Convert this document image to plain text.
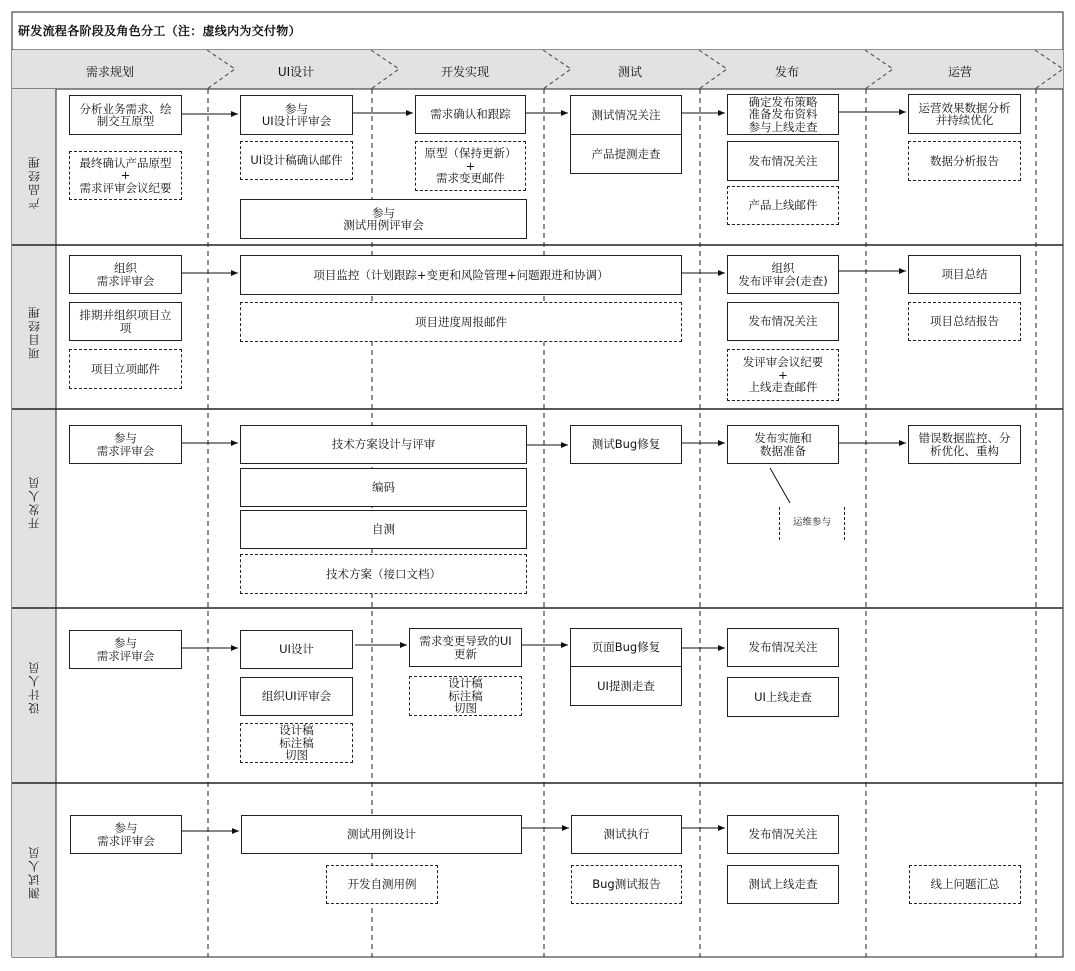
研发流程各阶段及角色分工（注：虚线内为交付物）
需求规划	UI设计	开发实现	测试	发布	运营
产品经理
项目经理
开发人员
设计人员
测试人员
分析业务需求、绘
制交互原型
最终确认产品原型
+
需求评审会议纪要
参与
UI设计评审会
UI设计稿确认邮件
参与
测试用例评审会
需求确认和跟踪
原型（保持更新）
+
需求变更邮件
测试情况关注
产品提测走查
确定发布策略
准备发布资料
参与上线走查
发布情况关注
产品上线邮件
运营效果数据分析
并持续优化
数据分析报告
组织
需求评审会
排期并组织项目立
项
项目立项邮件
项目监控（计划跟踪+变更和风险管理+问题跟进和协调）
项目进度周报邮件
组织
发布评审会(走查)
发布情况关注
发评审会议纪要
+
上线走查邮件
项目总结
项目总结报告
参与
需求评审会	技术方案设计与评审
编码
自测
技术方案（接口文档）
测试Bug修复	发布实施和
数据准备
运维参与
错误数据监控、分
析优化、重构
参与
需求评审会	UI设计
组织UI评审会
设计稿
标注稿
切图
需求变更导致的UI
更新
设计稿
标注稿
切图
页面Bug修复
UI提测走查
发布情况关注
UI上线走查
参与
需求评审会	测试用例设计
开发自测用例
测试执行
Bug测试报告
发布情况关注
测试上线走查	线上问题汇总
